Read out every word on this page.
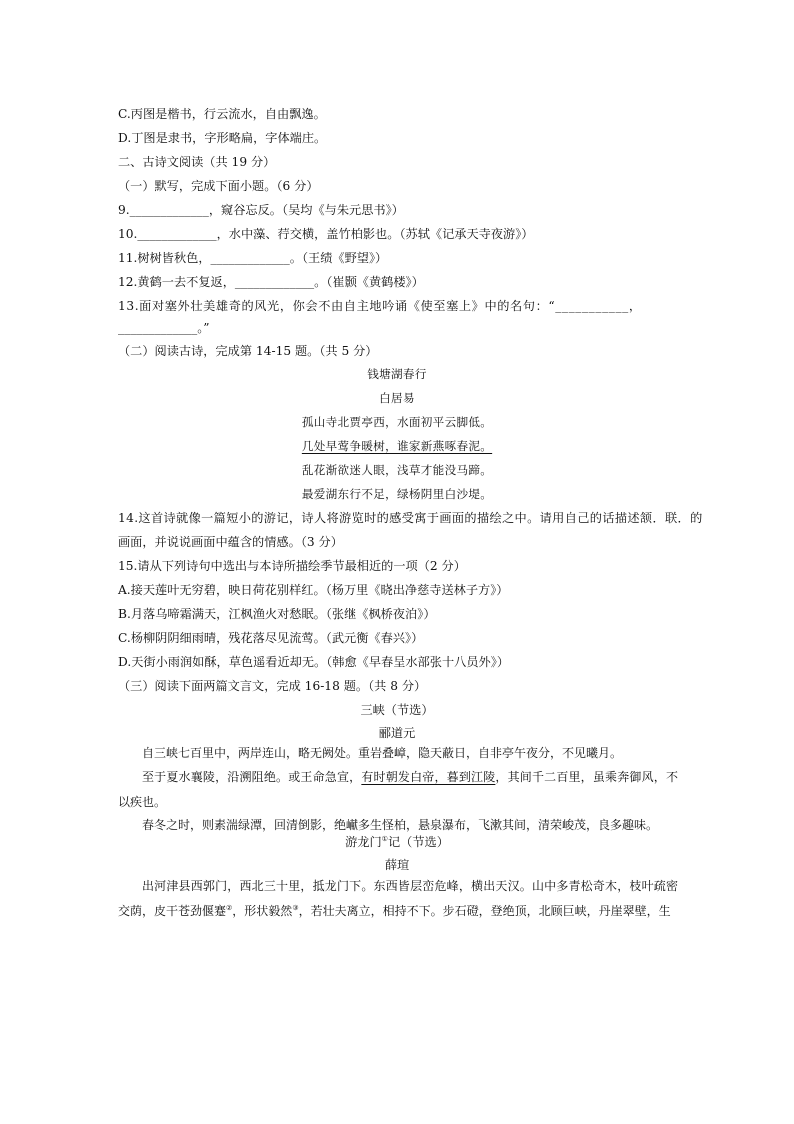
C.丙图是楷书，行云流水，自由飘逸。
D.丁图是隶书，字形略扁，字体端庄。
二、古诗文阅读（共 19 分）
（一）默写，完成下面小题。（6 分）
9._____________，窥谷忘反。（吴均《与朱元思书》）
10._____________，水中藻、荇交横，盖竹柏影也。（苏轼《记承天寺夜游》）
11.树树皆秋色，_____________。（王绩《野望》）
12.黄鹤一去不复返，_____________。（崔颢《黄鹤楼》）
13.面对塞外壮美雄奇的风光，你会不由自主地吟诵《使至塞上》中的名句：“___________，
_____________。”
（二）阅读古诗，完成第 14-15 题。（共 5 分）
钱塘湖春行
白居易
孤山寺北贾亭西，水面初平云脚低。
几处早莺争暖树，谁家新燕啄春泥。
乱花渐欲迷人眼，浅草才能没马蹄。
最爱湖东行不足，绿杨阴里白沙堤。
14.这首诗就像一篇短小的游记，诗人将游览时的感受寓于画面的描绘之中。请用自己的话描述颔．联．的
画面，并说说画面中蕴含的情感。（3 分）
15.请从下列诗句中选出与本诗所描绘季节最相近的一项（2 分）
A.接天莲叶无穷碧，映日荷花别样红。（杨万里《晓出净慈寺送林子方》）
B.月落乌啼霜满天，江枫渔火对愁眠。（张继《枫桥夜泊》）
C.杨柳阴阴细雨晴，残花落尽见流莺。（武元衡《春兴》）
D.天街小雨润如酥，草色遥看近却无。（韩愈《早春呈水部张十八员外》）
（三）阅读下面两篇文言文，完成 16-18 题。（共 8 分）
三峡（节选）
郦道元
自三峡七百里中，两岸连山，略无阙处。重岩叠嶂，隐天蔽日，自非亭午夜分，不见曦月。
至于夏水襄陵，沿溯阻绝。或王命急宣，有时朝发白帝，暮到江陵，其间千二百里，虽乘奔御风，不以疾也。
春冬之时，则素湍绿潭，回清倒影，绝𪩘多生怪柏，悬泉瀑布，飞漱其间，清荣峻茂，良多趣味。
游龙门①记（节选）
薛瑄
出河津县西郭门，西北三十里，抵龙门下。东西皆层峦危峰，横出天汉。山中多青松奇木，枝叶疏密交荫，皮干苍劲偃蹇②，形状毅然③，若壮夫离立，相持不下。步石磴，登绝顶，北顾巨峡，丹崖翠壁，生
